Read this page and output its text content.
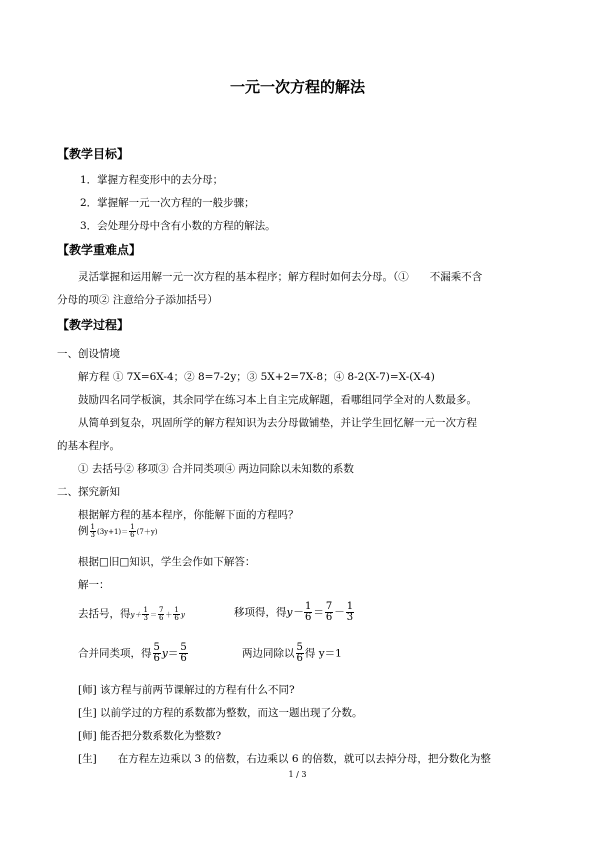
一元一次方程的解法
【教学目标】
1．掌握方程变形中的去分母；
2．掌握解一元一次方程的一般步骤；
3．会处理分母中含有小数的方程的解法。
【教学重难点】
灵活掌握和运用解一元一次方程的基本程序；解方程时如何去分母。（①　　不漏乘不含
分母的项② 注意给分子添加括号）
【教学过程】
一、创设情境
解方程 ① 7X=6X-4；② 8=7-2y；③ 5X+2=7X-8；④ 8-2(X-7)=X-(X-4)
鼓励四名同学板演，其余同学在练习本上自主完成解题，看哪组同学全对的人数最多。
从简单到复杂，巩固所学的解方程知识为去分母做铺垫，并让学生回忆解一元一次方程
的基本程序。
① 去括号② 移项③ 合并同类项④ 两边同除以未知数的系数
二、探究新知
根据解方程的基本程序，你能解下面的方程吗？
例 $\frac{1}{3} (3y+1)= \frac{1}{6} (7+y)$
根据□旧□知识，学生会作如下解答：
解一：
去括号，得$y+ \frac{1}{3} = \frac{7}{6} + \frac{1}{6}$ y	移项得，得$y- \frac{1}{6} = \frac{7}{6} - \frac{1}{3}$
合并同类项，得 $\frac{5}{6} y= \frac{5}{6}$	两边同除以 $\frac{5}{6}$ 得 y＝1
[师] 该方程与前两节课解过的方程有什么不同?
[生] 以前学过的方程的系数都为整数，而这一题出现了分数。
[师] 能否把分数系数化为整数?
[生]　　在方程左边乘以 3 的倍数，右边乘以 6 的倍数，就可以去掉分母，把分数化为整
1 / 3
